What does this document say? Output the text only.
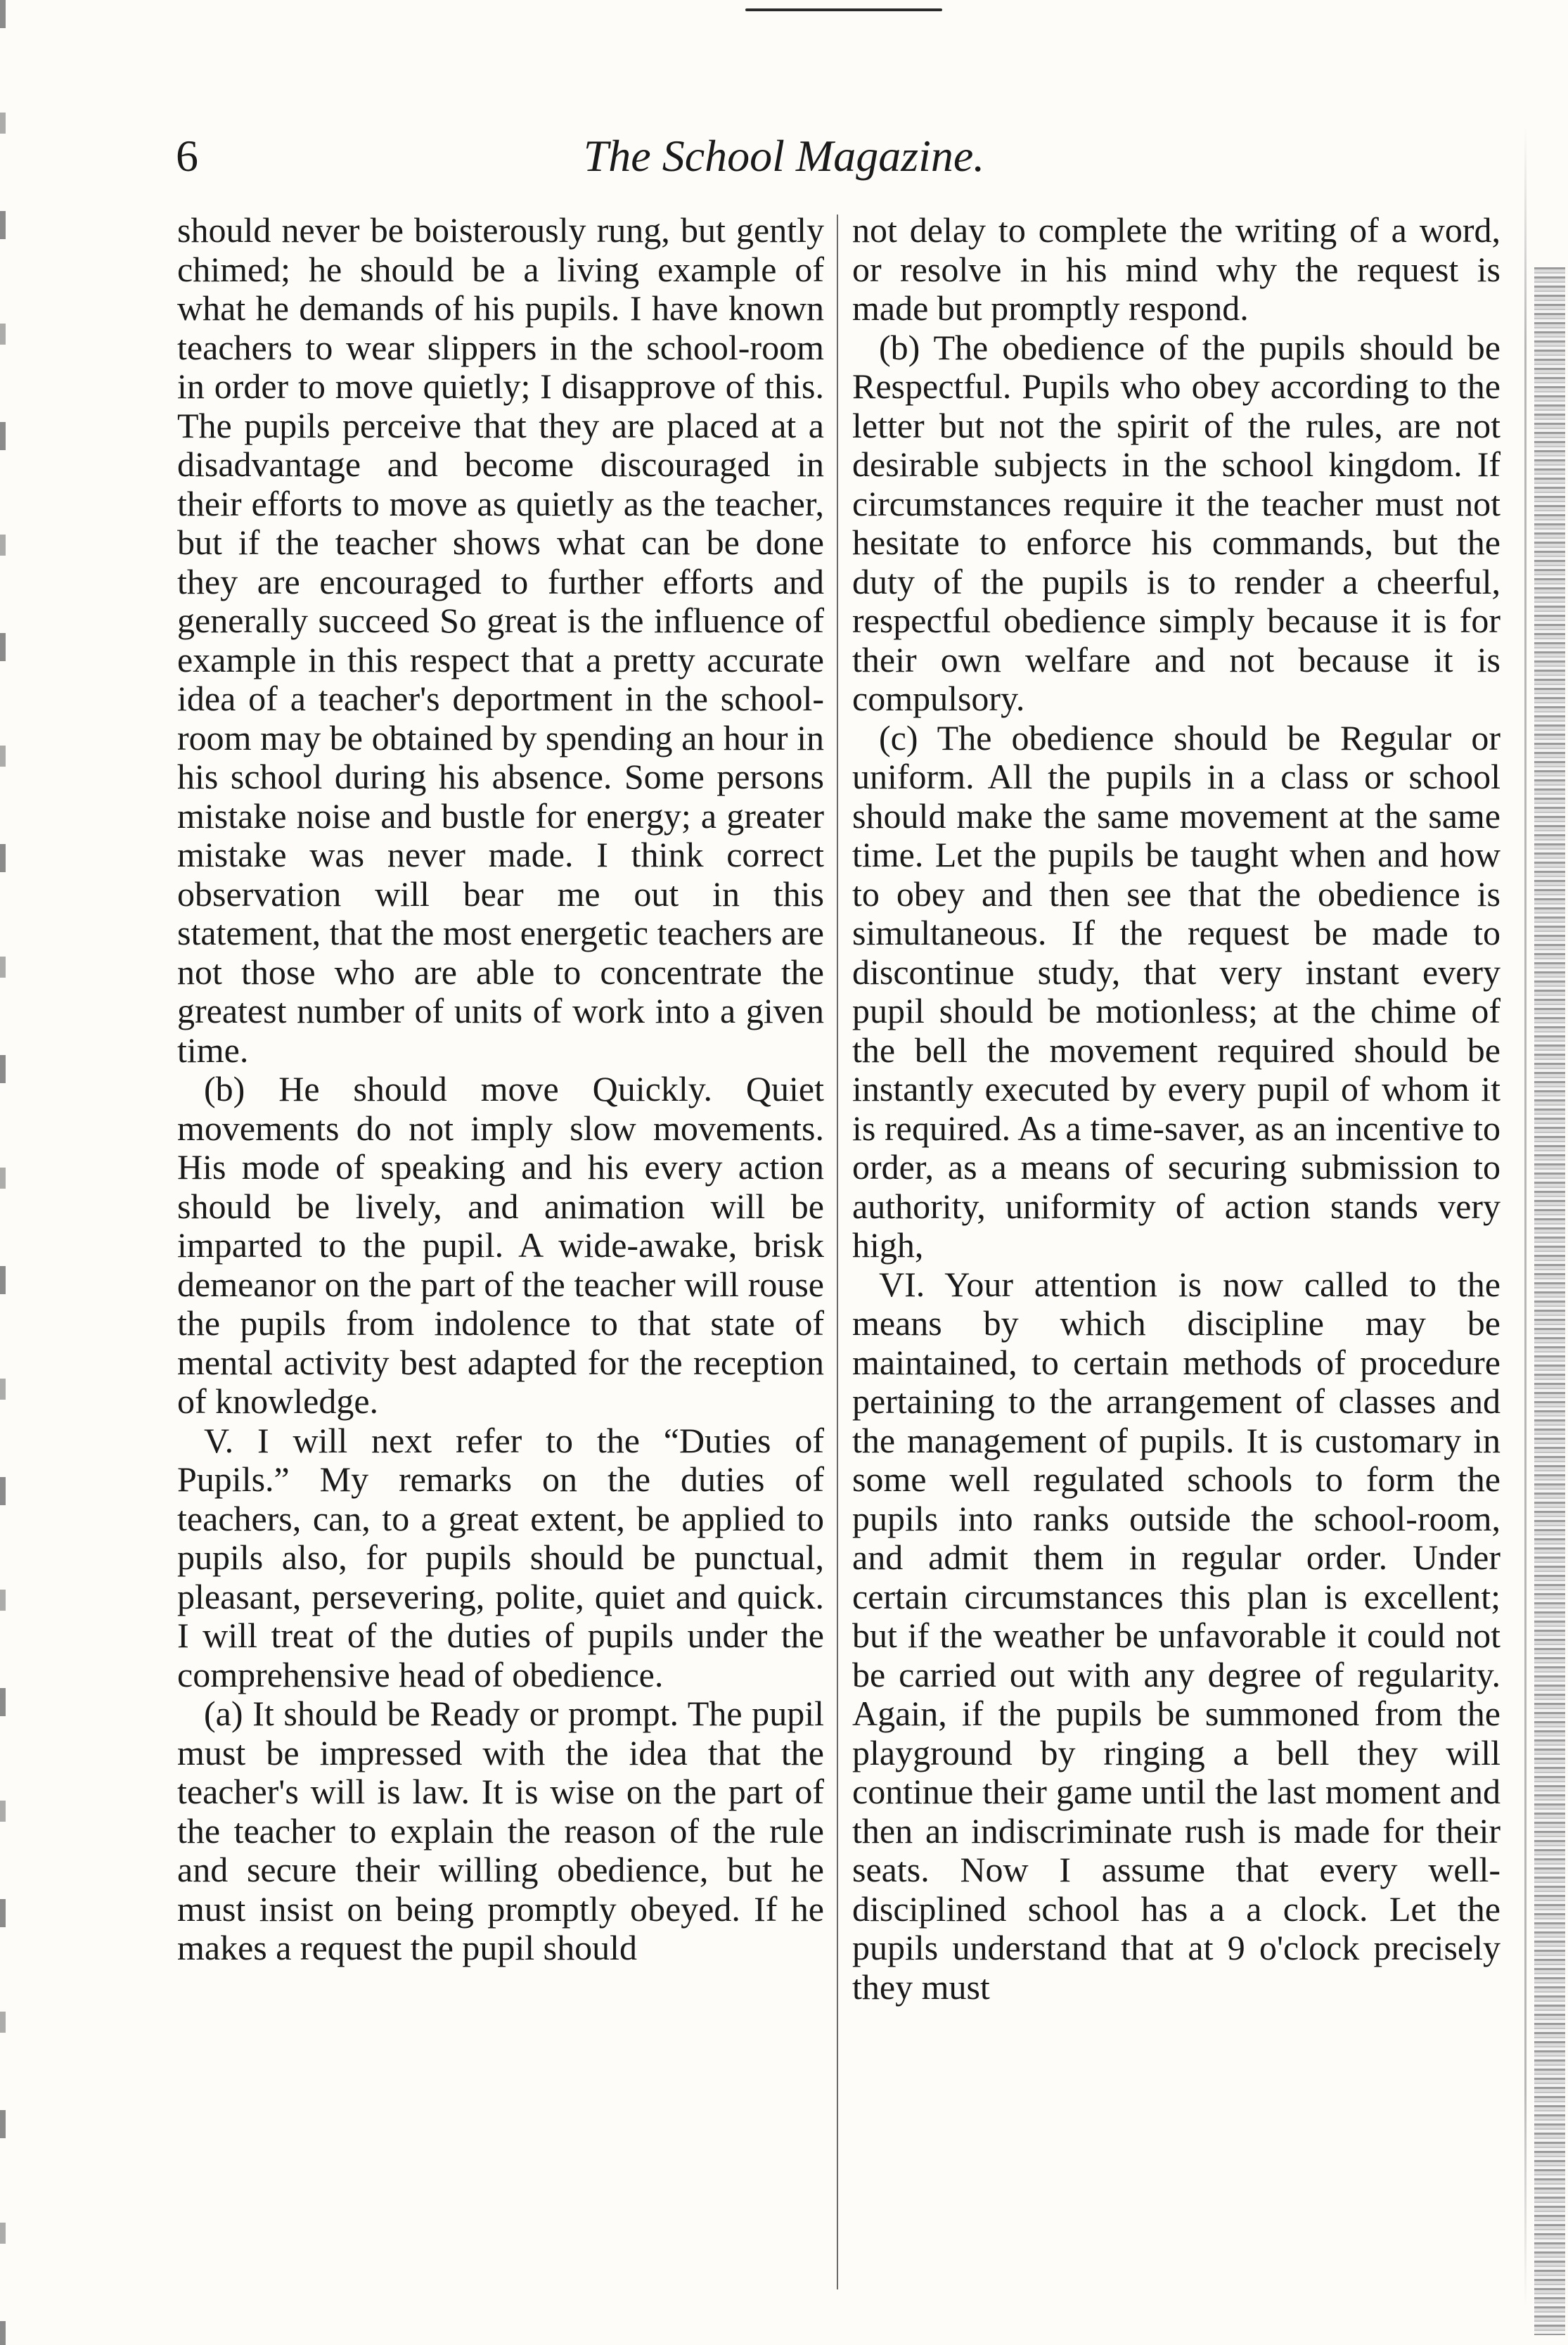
6	The School Magazine.

should never be boisterously rung, but gently chimed; he should be a living example of what he demands of his pupils. I have known teachers to wear slippers in the school-room in order to move quietly; I disapprove of this. The pupils perceive that they are placed at a disadvantage and become discouraged in their efforts to move as quietly as the teacher, but if the teacher shows what can be done they are encouraged to further efforts and generally succeed So great is the influence of example in this respect that a pretty accurate idea of a teacher's deportment in the school-room may be obtained by spending an hour in his school during his absence. Some persons mistake noise and bustle for energy; a greater mistake was never made. I think correct observation will bear me out in this statement, that the most energetic teachers are not those who are able to concentrate the greatest number of units of work into a given time.

(b) He should move Quickly. Quiet movements do not imply slow movements. His mode of speaking and his every action should be lively, and animation will be imparted to the pupil. A wide-awake, brisk demeanor on the part of the teacher will rouse the pupils from indolence to that state of mental activity best adapted for the reception of knowledge.

V. I will next refer to the “Duties of Pupils.” My remarks on the duties of teachers, can, to a great extent, be applied to pupils also, for pupils should be punctual, pleasant, persevering, polite, quiet and quick. I will treat of the duties of pupils under the comprehensive head of obedience.

(a) It should be Ready or prompt. The pupil must be impressed with the idea that the teacher's will is law. It is wise on the part of the teacher to explain the reason of the rule and secure their willing obedience, but he must insist on being promptly obeyed. If he makes a request the pupil should

not delay to complete the writing of a word, or resolve in his mind why the request is made but promptly respond.

(b) The obedience of the pupils should be Respectful. Pupils who obey according to the letter but not the spirit of the rules, are not desirable subjects in the school kingdom. If circumstances require it the teacher must not hesitate to enforce his commands, but the duty of the pupils is to render a cheerful, respectful obedience simply because it is for their own welfare and not because it is compulsory.

(c) The obedience should be Regular or uniform. All the pupils in a class or school should make the same movement at the same time. Let the pupils be taught when and how to obey and then see that the obedience is simultaneous. If the request be made to discontinue study, that very instant every pupil should be motionless; at the chime of the bell the movement required should be instantly executed by every pupil of whom it is required. As a time-saver, as an incentive to order, as a means of securing submission to authority, uniformity of action stands very high,

VI. Your attention is now called to the means by which discipline may be maintained, to certain methods of procedure pertaining to the arrangement of classes and the management of pupils. It is customary in some well regulated schools to form the pupils into ranks outside the school-room, and admit them in regular order. Under certain circumstances this plan is excellent; but if the weather be unfavorable it could not be carried out with any degree of regularity. Again, if the pupils be summoned from the playground by ringing a bell they will continue their game until the last moment and then an indiscriminate rush is made for their seats. Now I assume that every well-disciplined school has a a clock. Let the pupils understand that at 9 o'clock precisely they must
